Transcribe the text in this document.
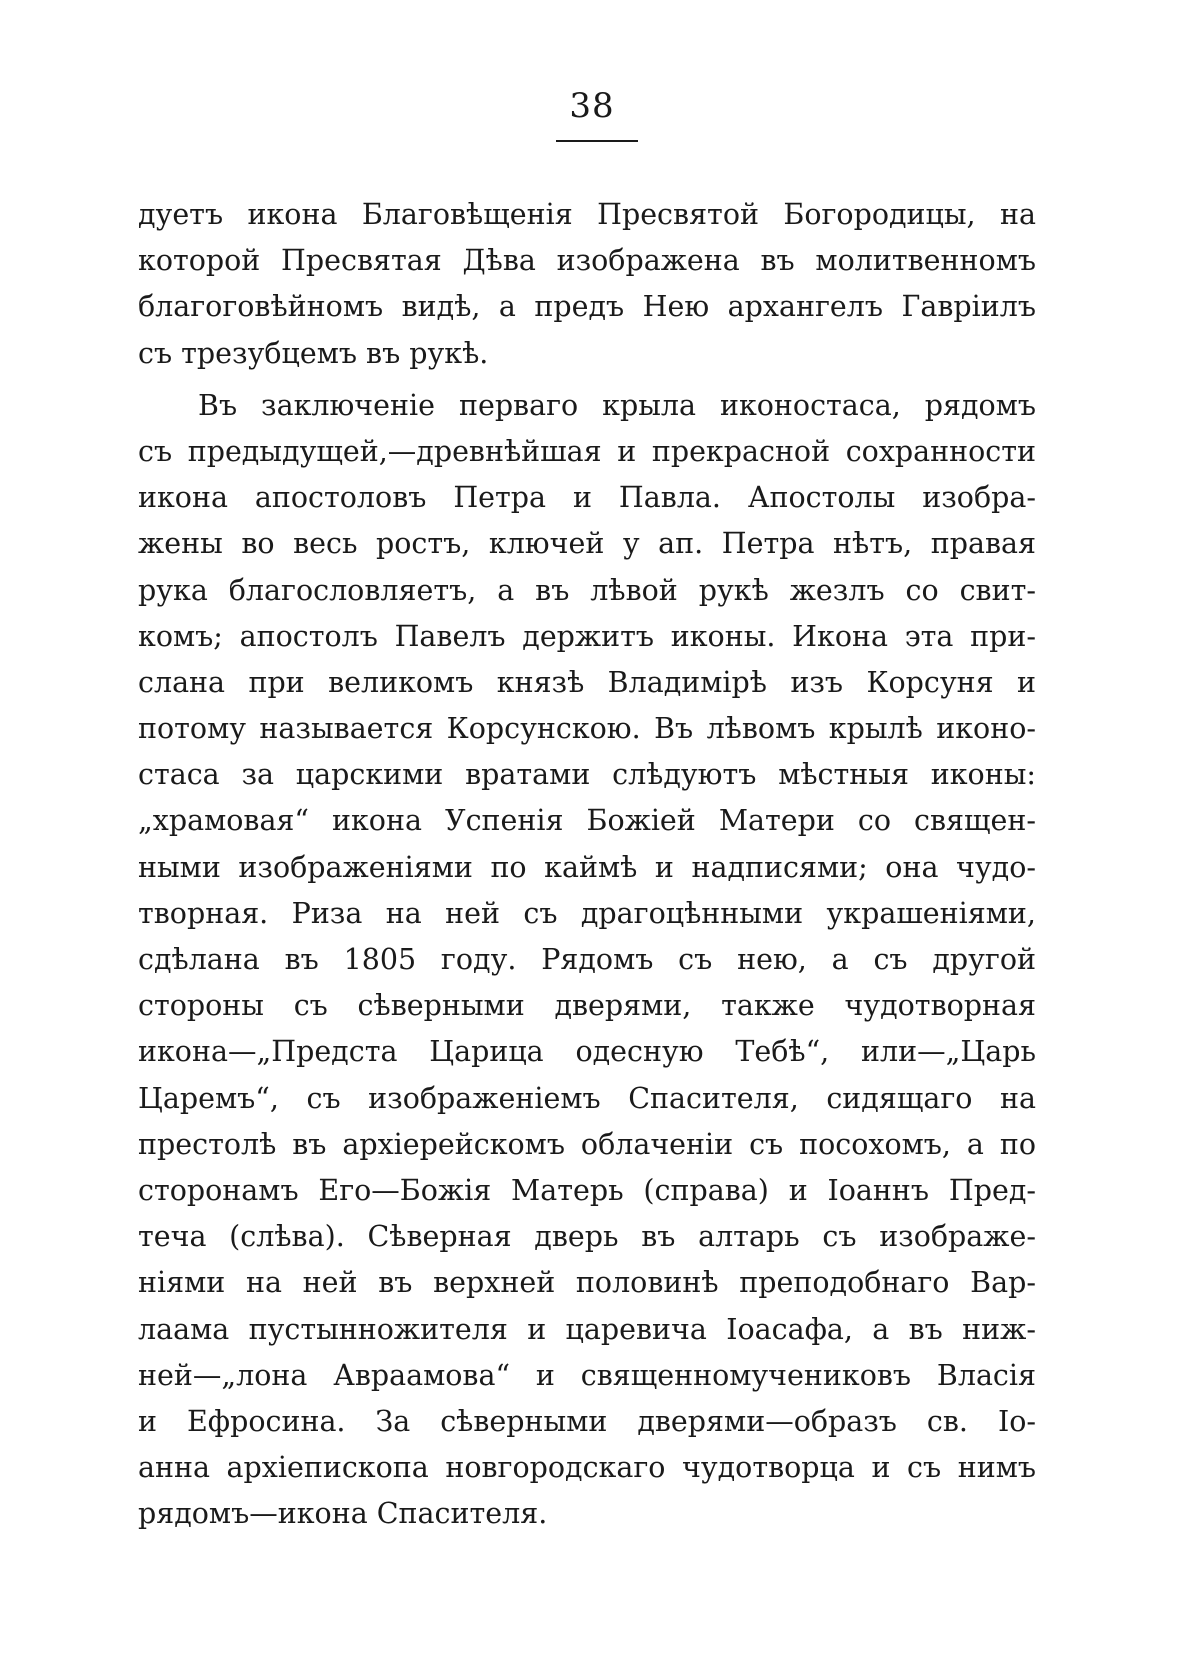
38
дуетъ икона Благовѣщенія Пресвятой Богородицы, на
которой Пресвятая Дѣва изображена въ молитвенномъ
благоговѣйномъ видѣ, а предъ Нею архангелъ Гавріилъ
съ трезубцемъ въ рукѣ.
Въ заключеніе перваго крыла иконостаса, рядомъ
съ предыдущей,—древнѣйшая и прекрасной сохранности
икона апостоловъ Петра и Павла. Апостолы изобра-
жены во весь ростъ, ключей у ап. Петра нѣтъ, правая
рука благословляетъ, а въ лѣвой рукѣ жезлъ со свит-
комъ; апостолъ Павелъ держитъ иконы. Икона эта при-
слана при великомъ князѣ Владимірѣ изъ Корсуня и
потому называется Корсунскою. Въ лѣвомъ крылѣ иконо-
стаса за царскими вратами слѣдуютъ мѣстныя иконы:
„храмовая“ икона Успенія Божіей Матери со священ-
ными изображеніями по каймѣ и надписями; она чудо-
творная. Риза на ней съ драгоцѣнными украшеніями,
сдѣлана въ 1805 году. Рядомъ съ нею, а съ другой
стороны съ сѣверными дверями, также чудотворная
икона—„Предста Царица одесную Тебѣ“, или—„Царь
Царемъ“, съ изображеніемъ Спасителя, сидящаго на
престолѣ въ архіерейскомъ облаченіи съ посохомъ, а по
сторонамъ Его—Божія Матерь (справа) и Іоаннъ Пред-
теча (слѣва). Сѣверная дверь въ алтарь съ изображе-
ніями на ней въ верхней половинѣ преподобнаго Вар-
лаама пустынножителя и царевича Іоасафа, а въ ниж-
ней—„лона Авраамова“ и священномучениковъ Власія
и Ефросина. За сѣверными дверями—образъ св. Іо-
анна архіепископа новгородскаго чудотворца и съ нимъ
рядомъ—икона Спасителя.
